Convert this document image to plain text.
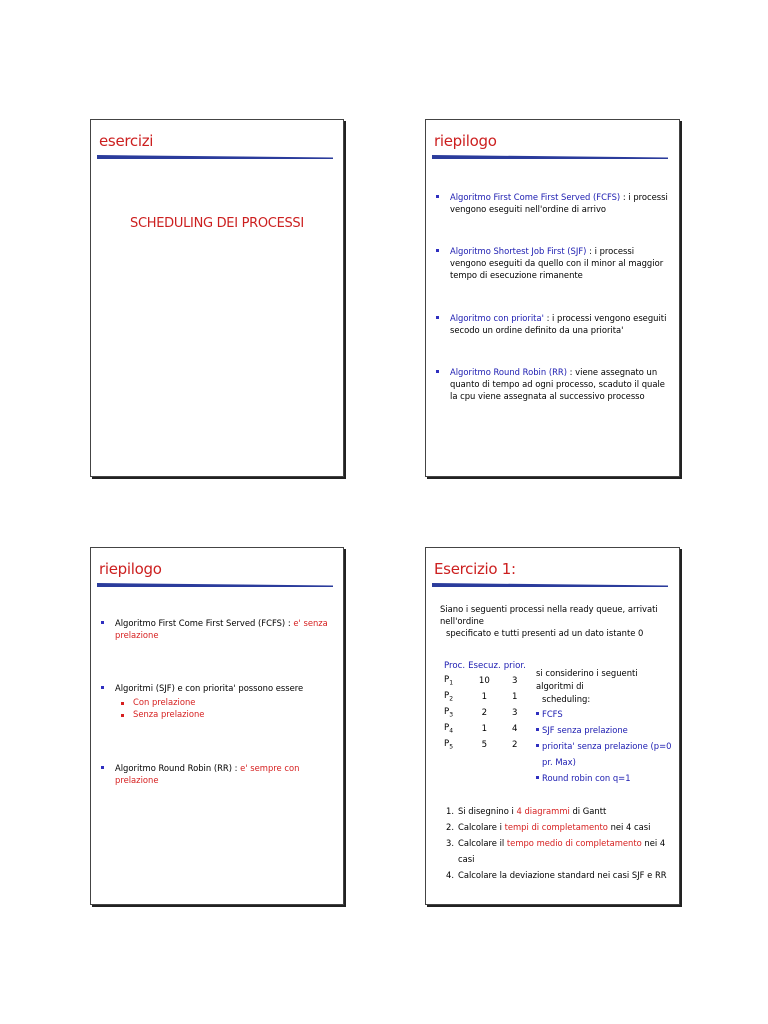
esercizi
SCHEDULING DEI PROCESSI
riepilogo
Algoritmo First Come First Served (FCFS) : i processi vengono eseguiti nell'ordine di arrivo
Algoritmo Shortest Job First (SJF) : i processi vengono eseguiti da quello con il minor al maggior tempo di esecuzione rimanente
Algoritmo con priorita' : i processi vengono eseguiti secodo un ordine definito da una priorita'
Algoritmo Round Robin (RR) : viene assegnato un quanto di tempo ad ogni processo, scaduto il quale la cpu viene assegnata al successivo processo
riepilogo
Algoritmo First Come First Served (FCFS) : e' senza prelazione
Algoritmi (SJF) e con priorita' possono essere
Con prelazione
Senza prelazione
Algoritmo Round Robin (RR) : e' sempre con prelazione
Esercizio 1:
Siano i seguenti processi nella ready queue, arrivati nell'ordine
specificato e tutti presenti ad un dato istante 0
Proc.	Esecuz.	prior.
$P_1$	10	3
$P_2$	1	1
$P_3$	2	3
$P_4$	1	4
$P_5$	5	2
si considerino i seguenti algoritmi di
scheduling:
FCFS
SJF senza prelazione
priorita' senza prelazione (p=0 pr. Max)
Round robin con q=1
1. Si disegnino i 4 diagrammi di Gantt
2. Calcolare i tempi di completamento nei 4 casi
3. Calcolare il tempo medio di completamento nei 4 casi
4. Calcolare la deviazione standard nei casi SJF e RR
